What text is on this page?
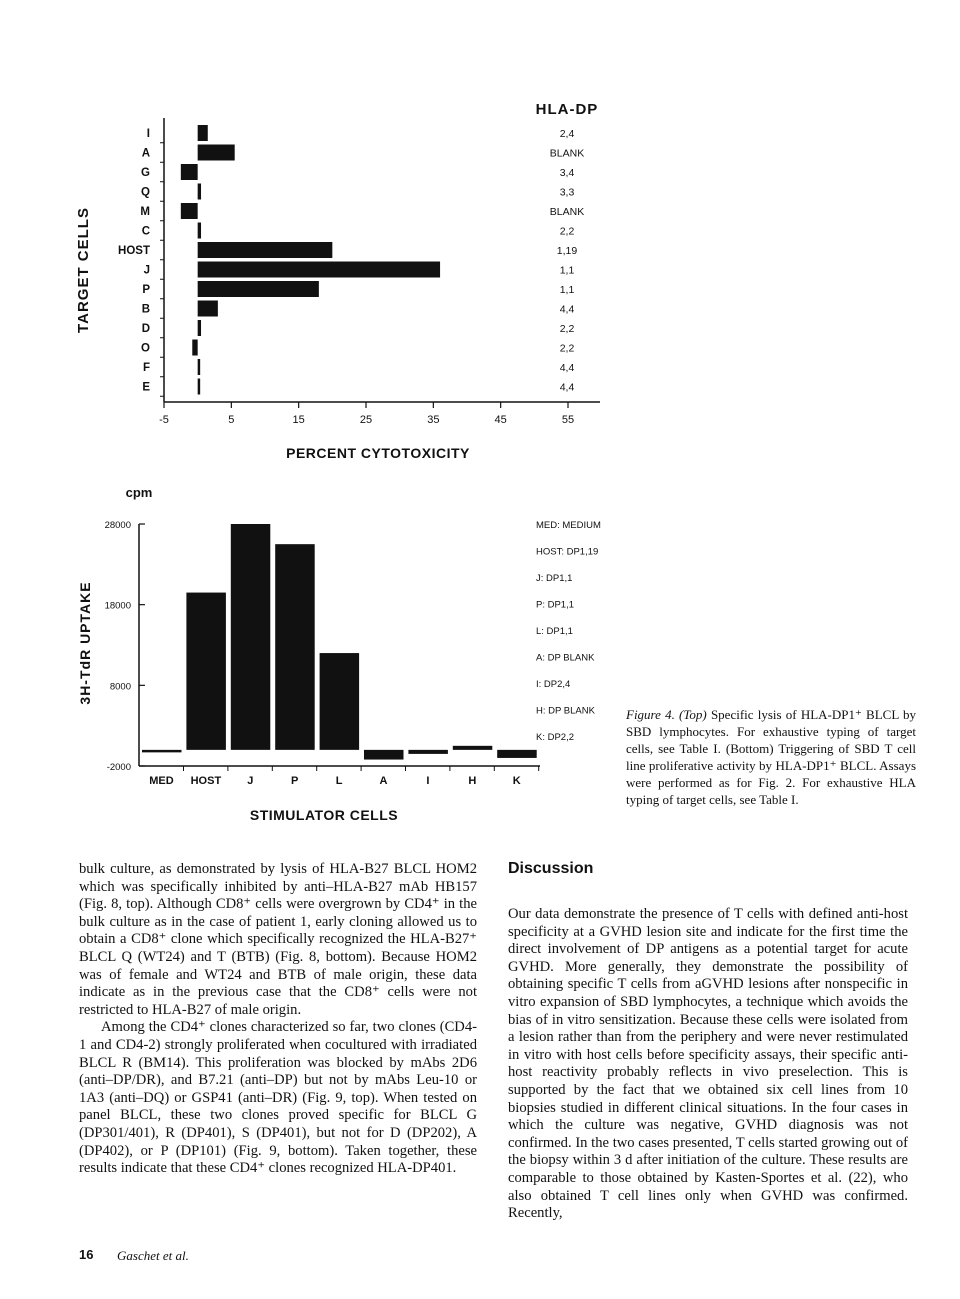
HLA-DP
TARGET CELLS
I
A
G
Q
M
C
HOST
J
P
B
D
O
F
E
2,4
BLANK
3,4
3,3
BLANK
2,2
1,19
1,1
1,1
4,4
2,2
2,2
4,4
4,4
-5	5	15	25	35	45	55
PERCENT CYTOTOXICITY
cpm
3H-TdR UPTAKE
28000
18000
8000
-2000
MED HOST J	P	L	A	I	H	K
MED: MEDIUM
HOST: DP1,19
J: DP1,1
P: DP1,1
L: DP1,1
A: DP BLANK
I: DP2,4
H: DP BLANK
K: DP2,2
STIMULATOR CELLS
Figure 4. (Top) Specific lysis of HLA-DP1⁺ BLCL by SBD lymphocytes. For exhaustive typing of target cells, see Table I. (Bottom) Triggering of SBD T cell line proliferative activity by HLA-DP1⁺ BLCL. Assays were performed as for Fig. 2. For exhaustive HLA typing of target cells, see Table I.

bulk culture, as demonstrated by lysis of HLA-B27 BLCL HOM2 which was specifically inhibited by anti–HLA-B27 mAb HB157 (Fig. 8, top). Although CD8⁺ cells were overgrown by CD4⁺ in the bulk culture as in the case of patient 1, early cloning allowed us to obtain a CD8⁺ clone which specifically recognized the HLA-B27⁺ BLCL Q (WT24) and T (BTB) (Fig. 8, bottom). Because HOM2 was of female and WT24 and BTB of male origin, these data indicate as in the previous case that the CD8⁺ cells were not restricted to HLA-B27 of male origin.

Among the CD4⁺ clones characterized so far, two clones (CD4-1 and CD4-2) strongly proliferated when cocultured with irradiated BLCL R (BM14). This proliferation was blocked by mAbs 2D6 (anti–DP/DR), and B7.21 (anti–DP) but not by mAbs Leu-10 or 1A3 (anti–DQ) or GSP41 (anti–DR) (Fig. 9, top). When tested on panel BLCL, these two clones proved specific for BLCL G (DP301/401), R (DP401), S (DP401), but not for D (DP202), A (DP402), or P (DP101) (Fig. 9, bottom). Taken together, these results indicate that these CD4⁺ clones recognized HLA-DP401.

Discussion

Our data demonstrate the presence of T cells with defined anti-host specificity at a GVHD lesion site and indicate for the first time the direct involvement of DP antigens as a potential target for acute GVHD. More generally, they demonstrate the possibility of obtaining specific T cells from aGVHD lesions after nonspecific in vitro expansion of SBD lymphocytes, a technique which avoids the bias of in vitro sensitization. Because these cells were isolated from a lesion rather than from the periphery and were never restimulated in vitro with host cells before specificity assays, their specific anti-host reactivity probably reflects in vivo preselection. This is supported by the fact that we obtained six cell lines from 10 biopsies studied in different clinical situations. In the four cases in which the culture was negative, GVHD diagnosis was not confirmed. In the two cases presented, T cells started growing out of the biopsy within 3 d after initiation of the culture. These results are comparable to those obtained by Kasten-Sportes et al. (22), who also obtained T cell lines only when GVHD was confirmed. Recently,

16 Gaschet et al.
